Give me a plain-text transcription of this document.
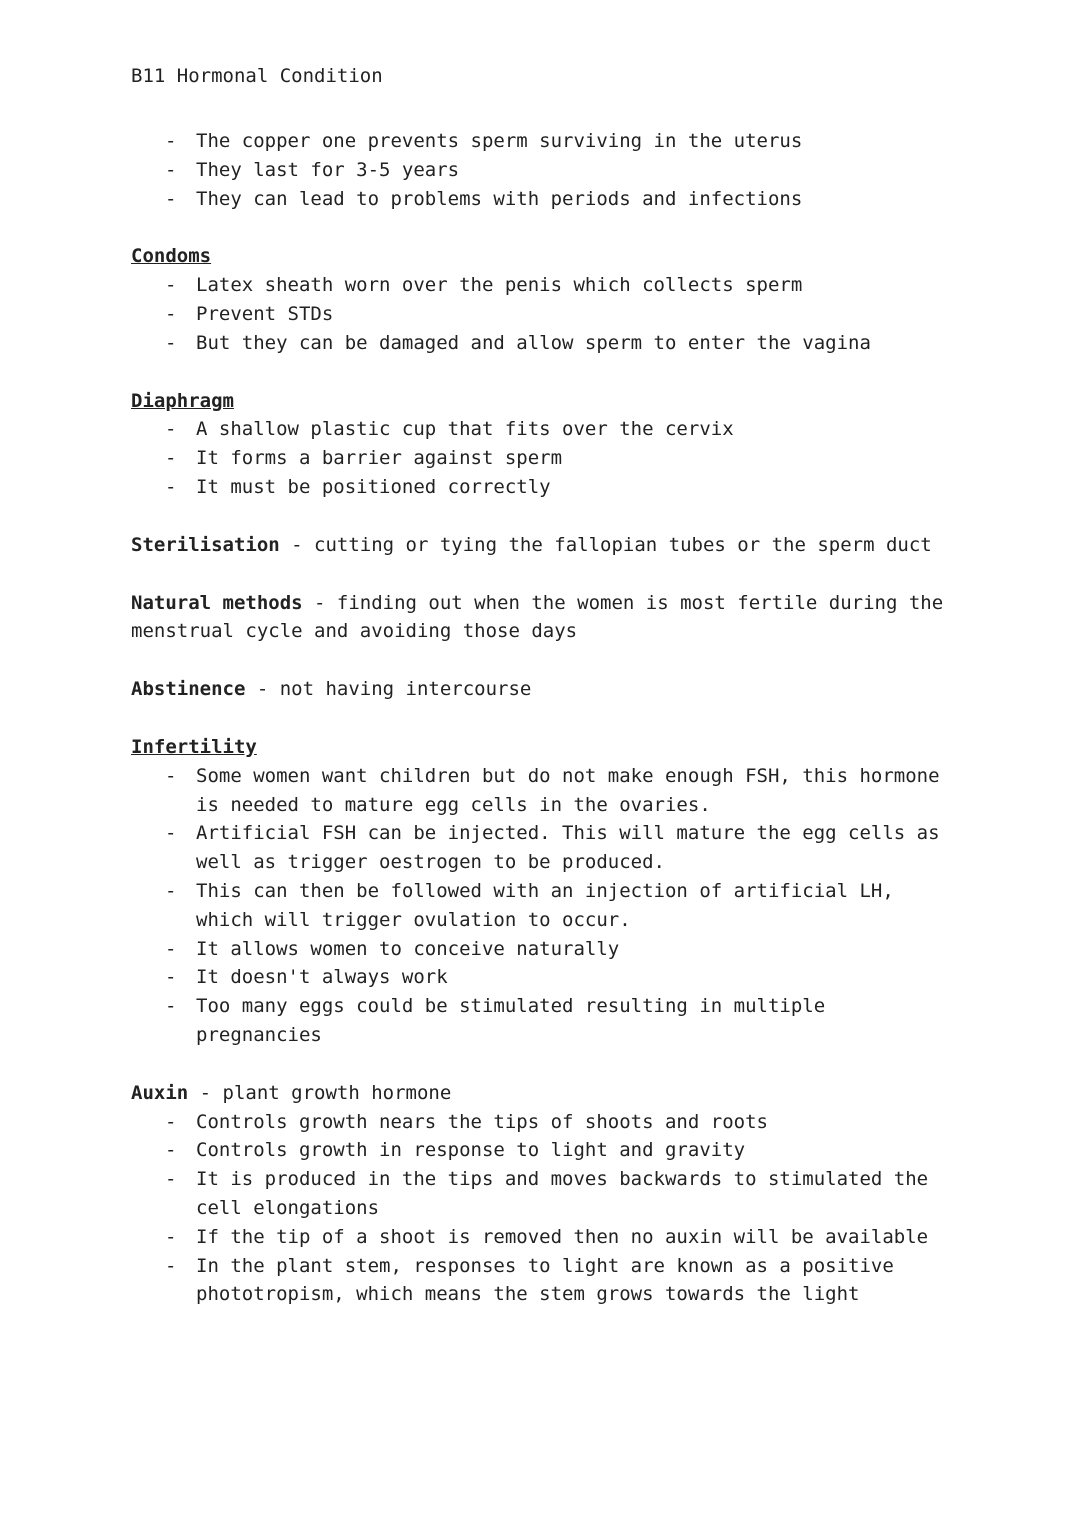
B11 Hormonal Condition
- The copper one prevents sperm surviving in the uterus
- They last for 3-5 years
- They can lead to problems with periods and infections
Condoms
- Latex sheath worn over the penis which collects sperm
- Prevent STDs
- But they can be damaged and allow sperm to enter the vagina
Diaphragm
- A shallow plastic cup that fits over the cervix
- It forms a barrier against sperm
- It must be positioned correctly

Sterilisation - cutting or tying the fallopian tubes or the sperm duct

Natural methods - finding out when the women is most fertile during the menstrual cycle and avoiding those days

Abstinence - not having intercourse

Infertility
- Some women want children but do not make enough FSH, this hormone is needed to mature egg cells in the ovaries.
- Artificial FSH can be injected. This will mature the egg cells as well as trigger oestrogen to be produced.
- This can then be followed with an injection of artificial LH, which will trigger ovulation to occur.
- It allows women to conceive naturally
- It doesn't always work
- Too many eggs could be stimulated resulting in multiple pregnancies

Auxin - plant growth hormone

- Controls growth nears the tips of shoots and roots
- Controls growth in response to light and gravity
- It is produced in the tips and moves backwards to stimulated the cell elongations
- If the tip of a shoot is removed then no auxin will be available
- In the plant stem, responses to light are known as a positive phototropism, which means the stem grows towards the light
